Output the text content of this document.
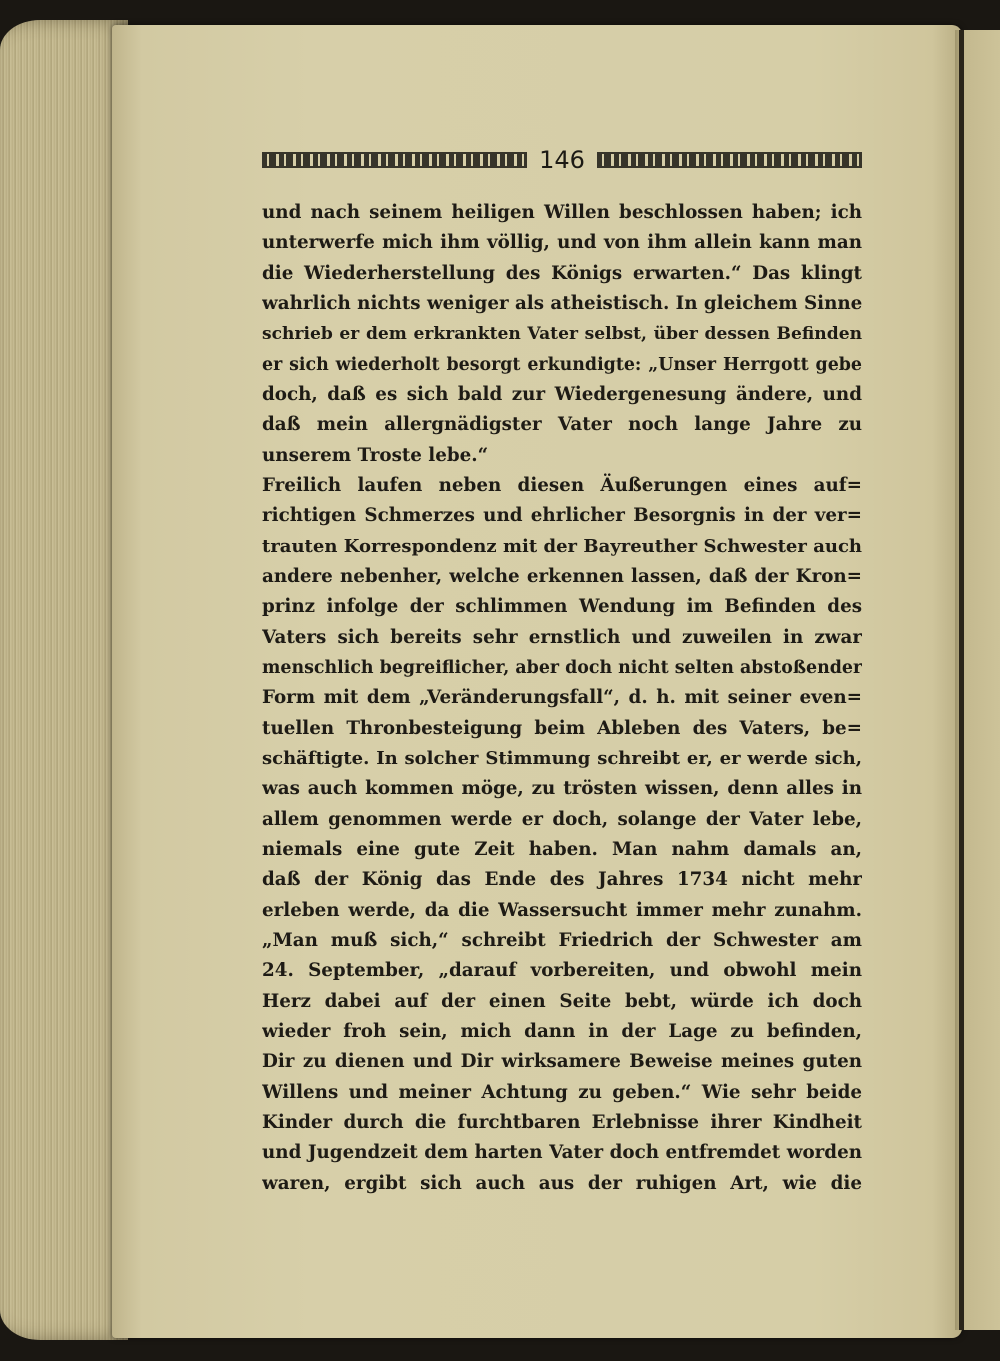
146
und nach seinem heiligen Willen beschlossen haben; ich
unterwerfe mich ihm völlig, und von ihm allein kann man
die Wiederherstellung des Königs erwarten.“ Das klingt
wahrlich nichts weniger als atheistisch. In gleichem Sinne
schrieb er dem erkrankten Vater selbst, über dessen Befinden
er sich wiederholt besorgt erkundigte: „Unser Herrgott gebe
doch, daß es sich bald zur Wiedergenesung ändere, und
daß mein allergnädigster Vater noch lange Jahre zu
unserem Troste lebe.“
Freilich laufen neben diesen Äußerungen eines auf=
richtigen Schmerzes und ehrlicher Besorgnis in der ver=
trauten Korrespondenz mit der Bayreuther Schwester auch
andere nebenher, welche erkennen lassen, daß der Kron=
prinz infolge der schlimmen Wendung im Befinden des
Vaters sich bereits sehr ernstlich und zuweilen in zwar
menschlich begreiflicher, aber doch nicht selten abstoßender
Form mit dem „Veränderungsfall“, d. h. mit seiner even=
tuellen Thronbesteigung beim Ableben des Vaters, be=
schäftigte. In solcher Stimmung schreibt er, er werde sich,
was auch kommen möge, zu trösten wissen, denn alles in
allem genommen werde er doch, solange der Vater lebe,
niemals eine gute Zeit haben. Man nahm damals an,
daß der König das Ende des Jahres 1734 nicht mehr
erleben werde, da die Wassersucht immer mehr zunahm.
„Man muß sich,“ schreibt Friedrich der Schwester am
24. September, „darauf vorbereiten, und obwohl mein
Herz dabei auf der einen Seite bebt, würde ich doch
wieder froh sein, mich dann in der Lage zu befinden,
Dir zu dienen und Dir wirksamere Beweise meines guten
Willens und meiner Achtung zu geben.“ Wie sehr beide
Kinder durch die furchtbaren Erlebnisse ihrer Kindheit
und Jugendzeit dem harten Vater doch entfremdet worden
waren, ergibt sich auch aus der ruhigen Art, wie die
